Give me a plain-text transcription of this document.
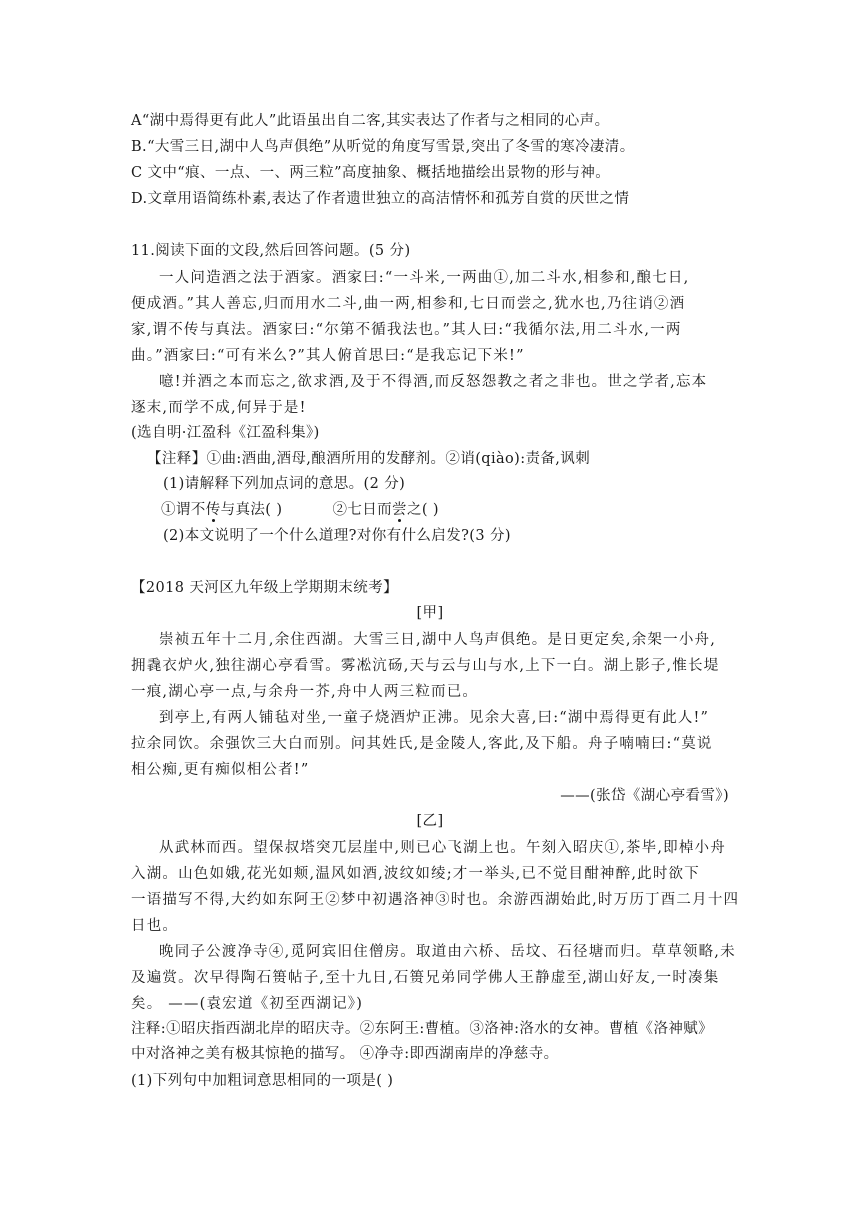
A“湖中焉得更有此人”此语虽出自二客,其实表达了作者与之相同的心声。
B.“大雪三日,湖中人鸟声俱绝”从听觉的角度写雪景,突出了冬雪的寒冷凄清。
C 文中“痕、一点、一、两三粒”高度抽象、概括地描绘出景物的形与神。
D.文章用语简练朴素,表达了作者遗世独立的高洁情怀和孤芳自赏的厌世之情
11.阅读下面的文段,然后回答问题。(5 分)
一人问造酒之法于酒家。酒家曰:“一斗米,一两曲①,加二斗水,相参和,酿七日,
便成酒。”其人善忘,归而用水二斗,曲一两,相参和,七日而尝之,犹水也,乃往诮②酒
家,谓不传与真法。酒家曰:“尔第不循我法也。”其人曰:“我循尔法,用二斗水,一两
曲。”酒家曰:“可有米么?”其人俯首思曰:“是我忘记下米!”
噫!并酒之本而忘之,欲求酒,及于不得酒,而反怒怨教之者之非也。世之学者,忘本
逐末,而学不成,何异于是!
(选自明·江盈科《江盈科集》)
【注释】①曲:酒曲,酒母,酿酒所用的发酵剂。②诮(qiào):责备,讽刺
(1)请解释下列加点词的意思。(2 分)
①谓不传与真法( )	②七日而尝之( )
(2)本文说明了一个什么道理?对你有什么启发?(3 分)
【2018 天河区九年级上学期期末统考】
[甲]
崇祯五年十二月,余住西湖。大雪三日,湖中人鸟声俱绝。是日更定矣,余架一小舟,
拥毳衣炉火,独往湖心亭看雪。雾凇沆砀,天与云与山与水,上下一白。湖上影子,惟长堤
一痕,湖心亭一点,与余舟一芥,舟中人两三粒而已。
到亭上,有两人铺毡对坐,一童子烧酒炉正沸。见余大喜,曰:“湖中焉得更有此人!”
拉余同饮。余强饮三大白而别。问其姓氏,是金陵人,客此,及下船。舟子喃喃曰:“莫说
相公痴,更有痴似相公者!”
——(张岱《湖心亭看雪》)
[乙]
从武林而西。望保叔塔突兀层崖中,则已心飞湖上也。午刻入昭庆①,茶毕,即棹小舟
入湖。山色如娥,花光如颊,温风如酒,波纹如绫;才一举头,已不觉目酣神醉,此时欲下
一语描写不得,大约如东阿王②梦中初遇洛神③时也。余游西湖始此,时万历丁酉二月十四
日也。
晚同子公渡净寺④,觅阿宾旧住僧房。取道由六桥、岳坟、石径塘而归。草草领略,未
及遍赏。次早得陶石篑帖子,至十九日,石篑兄弟同学佛人王静虚至,湖山好友,一时凑集
矣。 ——(袁宏道《初至西湖记》)
注释:①昭庆指西湖北岸的昭庆寺。②东阿王:曹植。③洛神:洛水的女神。曹植《洛神赋》
中对洛神之美有极其惊艳的描写。 ④净寺:即西湖南岸的净慈寺。
(1)下列句中加粗词意思相同的一项是( )
